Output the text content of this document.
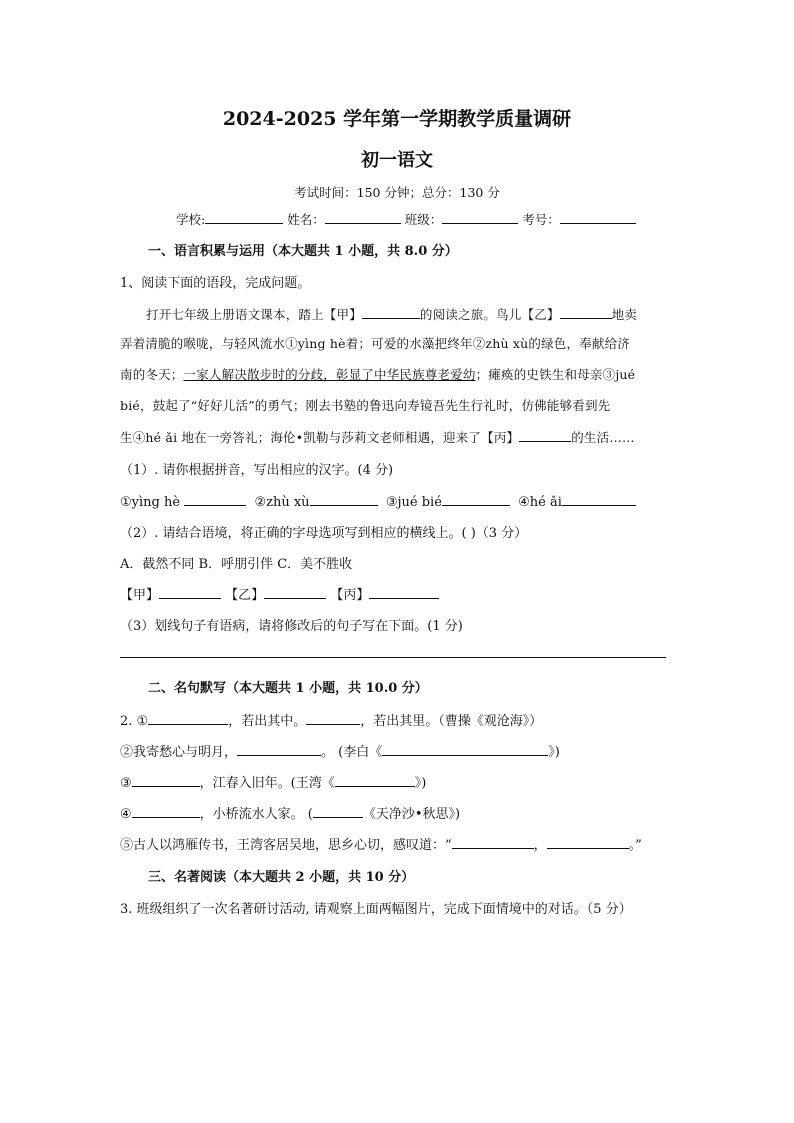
2024-2025 学年第一学期教学质量调研
初一语文
考试时间：150 分钟；总分：130 分
学校:	姓名：	班级：	考号：
一、语言积累与运用（本大题共 1 小题，共 8.0 分）
1、阅读下面的语段，完成问题。
打开七年级上册语文课本，踏上【甲】	的阅读之旅。鸟儿【乙】	地卖
弄着清脆的喉咙，与轻风流水①yìng hè着；可爱的水藻把终年②zhù xù的绿色，奉献给济
南的冬天；一家人解决散步时的分歧，彰显了中华民族尊老爱幼；瘫痪的史铁生和母亲③jué
bié，鼓起了“好好儿活”的勇气；刚去书塾的鲁迅向寿镜吾先生行礼时，仿佛能够看到先
生④hé ǎi 地在一旁答礼；海伦•凯勒与莎莉文老师相遇，迎来了【丙】	的生活……
（1）. 请你根据拼音，写出相应的汉字。(4 分)
①yìng hè	②zhù xù	③jué bié	④hé ǎi
（2）. 请结合语境，将正确的字母选项写到相应的横线上。( )（3 分）
A．截然不同 B．呼朋引伴 C．美不胜收
【甲】	【乙】	【丙】
（3）划线句子有语病，请将修改后的句子写在下面。(1 分)
二、名句默写（本大题共 1 小题，共 10.0 分）
2. ①	，若出其中。	，若出其里。（曹操《观沧海》）
②我寄愁心与明月，	。 (李白《	》)
③	，江春入旧年。(王湾《	》)
④	，小桥流水人家。 (	《天净沙•秋思》)
⑤古人以鸿雁传书，王湾客居吴地，思乡心切，感叹道：“	，	。”
三、名著阅读（本大题共 2 小题，共 10 分）
3. 班级组织了一次名著研讨活动, 请观察上面两幅图片，完成下面情境中的对话。（5 分）
